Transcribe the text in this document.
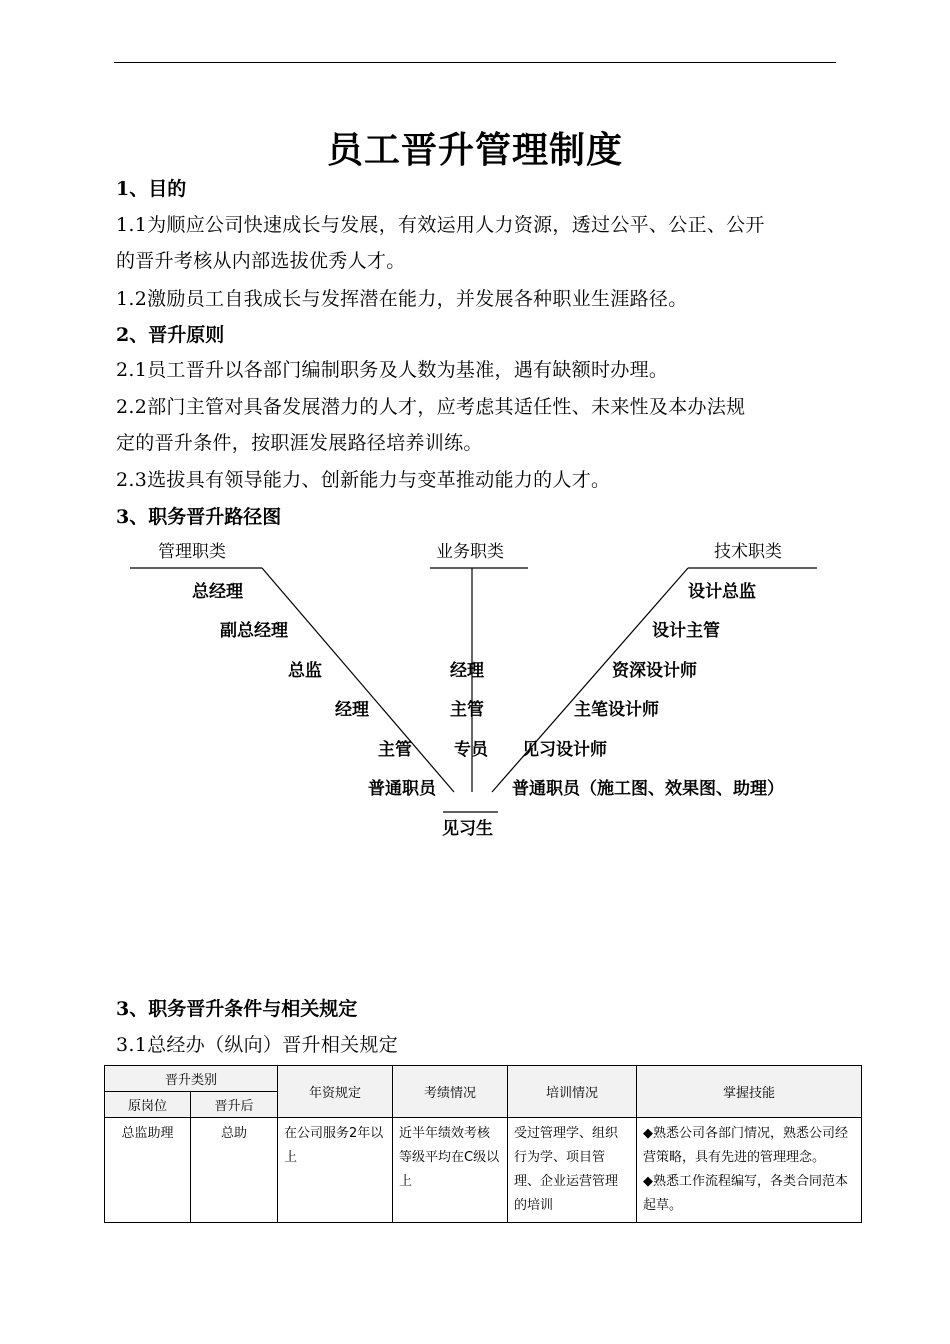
员工晋升管理制度
1、目的
1.1为顺应公司快速成长与发展，有效运用人力资源，透过公平、公正、公开
的晋升考核从内部选拔优秀人才。
1.2激励员工自我成长与发挥潜在能力，并发展各种职业生涯路径。
2、晋升原则
2.1员工晋升以各部门编制职务及人数为基准，遇有缺额时办理。
2.2部门主管对具备发展潜力的人才，应考虑其适任性、未来性及本办法规
定的晋升条件，按职涯发展路径培养训练。
2.3选拔具有领导能力、创新能力与变革推动能力的人才。
3、职务晋升路径图
管理职类	业务职类	技术职类
总经理
副总经理
总监
经理
主管
普通职员
经理
主管
专员
设计总监
设计主管
资深设计师
主笔设计师
见习设计师
普通职员（施工图、效果图、助理）
见习生
3、职务晋升条件与相关规定
3.1总经办（纵向）晋升相关规定
晋升类别		年资规定	考绩情况	培训情况	掌握技能
原岗位	晋升后				
总监助理	总助	在公司服务2年以上	近半年绩效考核等级平均在C级以上	受过管理学、组织行为学、项目管理、企业运营管理的培训	◆熟悉公司各部门情况，熟悉公司经营策略，具有先进的管理理念。
◆熟悉工作流程编写，各类合同范本起草。
